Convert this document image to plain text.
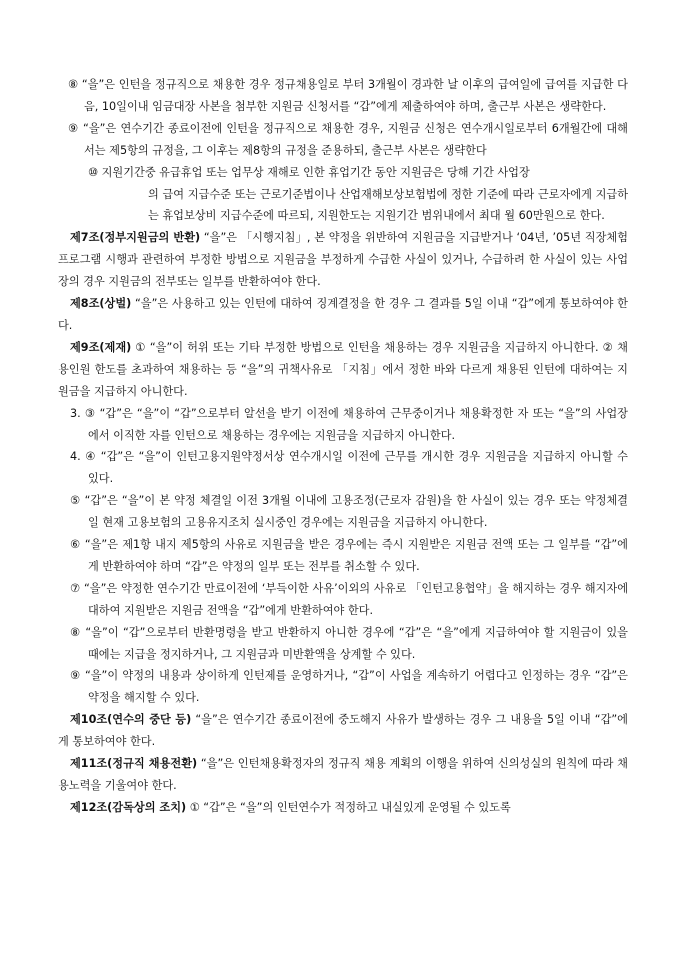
⑧ “을”은 인턴을 정규직으로 채용한 경우 정규채용일로 부터 3개월이 경과한 날 이후의 급여일에 급여를 지급한 다음, 10일이내 임금대장 사본을 첨부한 지원금 신청서를 “갑”에게 제출하여야 하며, 출근부 사본은 생략한다.
⑨ “을”은 연수기간 종료이전에 인턴을 정규직으로 채용한 경우, 지원금 신청은 연수개시일로부터 6개월간에 대해서는 제5항의 규정을, 그 이후는 제8항의 규정을 준용하되, 출근부 사본은 생략한다
⑩ 지원기간중 유급휴업 또는 업무상 재해로 인한 휴업기간 동안 지원금은 당해 기간 사업장
의 급여 지급수준 또는 근로기준법이나 산업재해보상보험법에 정한 기준에 따라 근로자에게 지급하는 휴업보상비 지급수준에 따르되, 지원한도는 지원기간 범위내에서 최대 월 60만원으로 한다.
제7조(정부지원금의 반환) “을”은 「시행지침」, 본 약정을 위반하여 지원금을 지급받거나 ‘04년, ’05년 직장체험프로그램 시행과 관련하여 부정한 방법으로 지원금을 부정하게 수급한 사실이 있거나, 수급하려 한 사실이 있는 사업장의 경우 지원금의 전부또는 일부를 반환하여야 한다.
제8조(상벌) “을”은 사용하고 있는 인턴에 대하여 징계결정을 한 경우 그 결과를 5일 이내 “갑”에게 통보하여야 한다.
제9조(제재) ① “을”이 허위 또는 기타 부정한 방법으로 인턴을 채용하는 경우 지원금을 지급하지 아니한다. ② 채용인원 한도를 초과하여 채용하는 등 “을”의 귀책사유로 「지침」에서 정한 바와 다르게 채용된 인턴에 대하여는 지원금을 지급하지 아니한다.
3. ③ “갑”은 “을”이 “갑”으로부터 알선을 받기 이전에 채용하여 근무중이거나 채용확정한 자 또는 “을”의 사업장에서 이직한 자를 인턴으로 채용하는 경우에는 지원금을 지급하지 아니한다.
4. ④ “갑”은 “을”이 인턴고용지원약정서상 연수개시일 이전에 근무를 개시한 경우 지원금을 지급하지 아니할 수 있다.
⑤ “갑”은 “을”이 본 약정 체결일 이전 3개월 이내에 고용조정(근로자 감원)을 한 사실이 있는 경우 또는 약정체결일 현재 고용보험의 고용유지조치 실시중인 경우에는 지원금을 지급하지 아니한다.
⑥ “을”은 제1항 내지 제5항의 사유로 지원금을 받은 경우에는 즉시 지원받은 지원금 전액 또는 그 일부를 “갑”에게 반환하여야 하며 “갑”은 약정의 일부 또는 전부를 취소할 수 있다.
⑦ “을”은 약정한 연수기간 만료이전에 ‘부득이한 사유’이외의 사유로 「인턴고용협약」을 해지하는 경우 해지자에 대하여 지원받은 지원금 전액을 “갑”에게 반환하여야 한다.
⑧ “을”이 “갑”으로부터 반환명령을 받고 반환하지 아니한 경우에 “갑”은 “을”에게 지급하여야 할 지원금이 있을 때에는 지급을 정지하거나, 그 지원금과 미반환액을 상계할 수 있다.
⑨ “을”이 약정의 내용과 상이하게 인턴제를 운영하거나, “갑”이 사업을 계속하기 어렵다고 인정하는 경우 “갑”은 약정을 해지할 수 있다.
제10조(연수의 중단 등) “을”은 연수기간 종료이전에 중도해지 사유가 발생하는 경우 그 내용을 5일 이내 “갑”에게 통보하여야 한다.
제11조(정규직 채용전환) “을”은 인턴채용확정자의 정규직 채용 계획의 이행을 위하여 신의성실의 원칙에 따라 채용노력을 기울여야 한다.
제12조(감독상의 조치) ① “갑”은 “을”의 인턴연수가 적정하고 내실있게 운영될 수 있도록
